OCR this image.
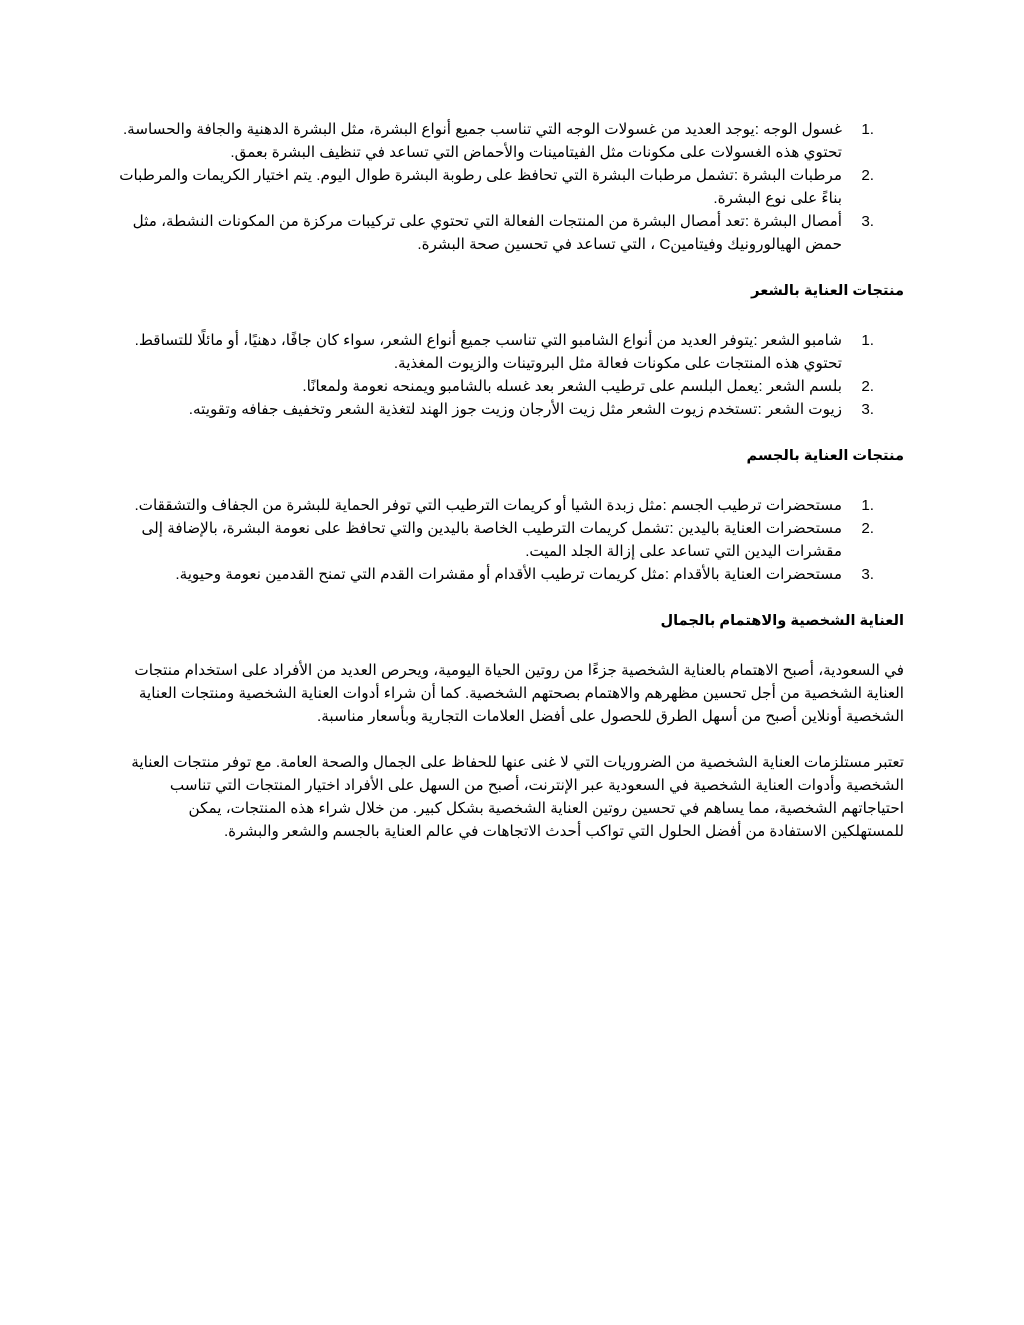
1.
غسول الوجه :يوجد العديد من غسولات الوجه التي تناسب جميع أنواع البشرة، مثل البشرة الدهنية والجافة والحساسة. تحتوي هذه الغسولات على مكونات مثل الفيتامينات والأحماض التي تساعد في تنظيف البشرة بعمق.
2.
مرطبات البشرة :تشمل مرطبات البشرة التي تحافظ على رطوبة البشرة طوال اليوم. يتم اختيار الكريمات والمرطبات بناءً على نوع البشرة.
3.
أمصال البشرة :تعد أمصال البشرة من المنتجات الفعالة التي تحتوي على تركيبات مركزة من المكونات النشطة، مثل حمض الهيالورونيك وفيتامينC ، التي تساعد في تحسين صحة البشرة.
منتجات العناية بالشعر
1.
شامبو الشعر :يتوفر العديد من أنواع الشامبو التي تناسب جميع أنواع الشعر، سواء كان جافًا، دهنيًا، أو مائلًا للتساقط. تحتوي هذه المنتجات على مكونات فعالة مثل البروتينات والزيوت المغذية.
2.
بلسم الشعر :يعمل البلسم على ترطيب الشعر بعد غسله بالشامبو ويمنحه نعومة ولمعانًا.
3.
زيوت الشعر :تستخدم زيوت الشعر مثل زيت الأرجان وزيت جوز الهند لتغذية الشعر وتخفيف جفافه وتقويته.
منتجات العناية بالجسم
1.
مستحضرات ترطيب الجسم :مثل زبدة الشيا أو كريمات الترطيب التي توفر الحماية للبشرة من الجفاف والتشققات.
2.
مستحضرات العناية باليدين :تشمل كريمات الترطيب الخاصة باليدين والتي تحافظ على نعومة البشرة، بالإضافة إلى مقشرات اليدين التي تساعد على إزالة الجلد الميت.
3.
مستحضرات العناية بالأقدام :مثل كريمات ترطيب الأقدام أو مقشرات القدم التي تمنح القدمين نعومة وحيوية.
العناية الشخصية والاهتمام بالجمال

في السعودية، أصبح الاهتمام بالعناية الشخصية جزءًا من روتين الحياة اليومية، ويحرص العديد من الأفراد على استخدام منتجات العناية الشخصية من أجل تحسين مظهرهم والاهتمام بصحتهم الشخصية. كما أن شراء أدوات العناية الشخصية ومنتجات العناية الشخصية أونلاين أصبح من أسهل الطرق للحصول على أفضل العلامات التجارية وبأسعار مناسبة.

تعتبر مستلزمات العناية الشخصية من الضروريات التي لا غنى عنها للحفاظ على الجمال والصحة العامة. مع توفر منتجات العناية الشخصية وأدوات العناية الشخصية في السعودية عبر الإنترنت، أصبح من السهل على الأفراد اختيار المنتجات التي تناسب احتياجاتهم الشخصية، مما يساهم في تحسين روتين العناية الشخصية بشكل كبير. من خلال شراء هذه المنتجات، يمكن للمستهلكين الاستفادة من أفضل الحلول التي تواكب أحدث الاتجاهات في عالم العناية بالجسم والشعر والبشرة.
